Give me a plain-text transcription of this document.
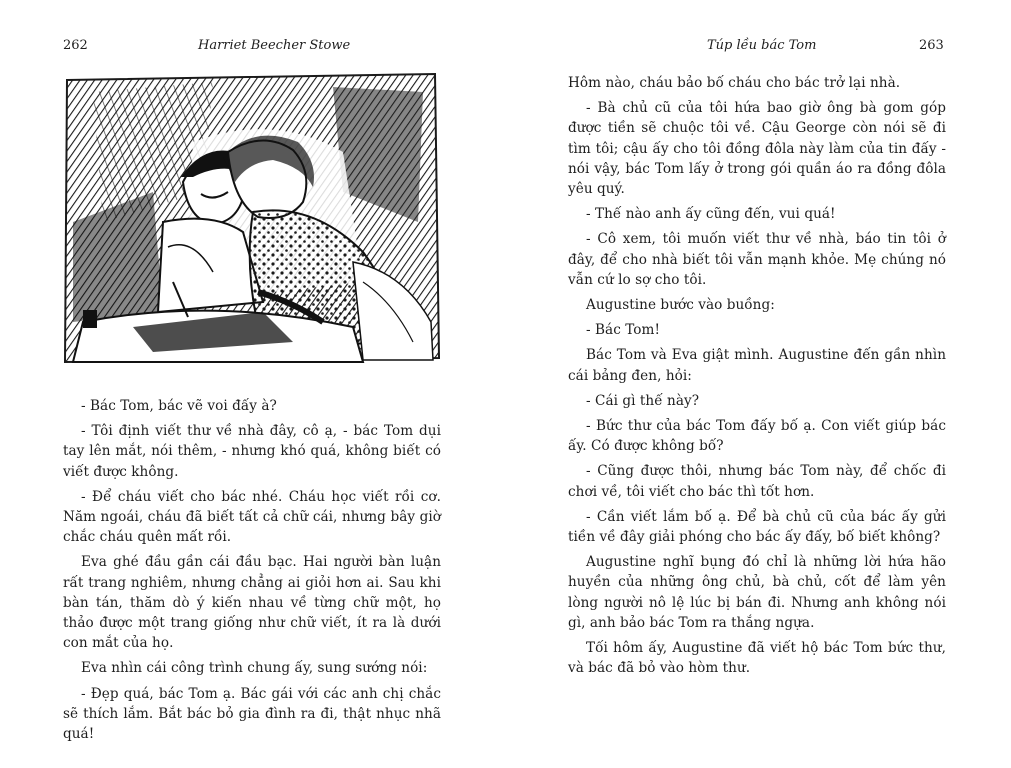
262	Harriet Beecher Stowe

- Bác Tom, bác vẽ voi đấy à?

- Tôi định viết thư về nhà đây, cô ạ, - bác Tom dụi tay lên mắt, nói thêm, - nhưng khó quá, không biết có viết được không.

- Để cháu viết cho bác nhé. Cháu học viết rồi cơ. Năm ngoái, cháu đã biết tất cả chữ cái, nhưng bây giờ chắc cháu quên mất rồi.

Eva ghé đầu gần cái đầu bạc. Hai người bàn luận rất trang nghiêm, nhưng chẳng ai giỏi hơn ai. Sau khi bàn tán, thăm dò ý kiến nhau về từng chữ một, họ thảo được một trang giống như chữ viết, ít ra là dưới con mắt của họ.

Eva nhìn cái công trình chung ấy, sung sướng nói:

- Đẹp quá, bác Tom ạ. Bác gái với các anh chị chắc sẽ thích lắm. Bắt bác bỏ gia đình ra đi, thật nhục nhã quá!

Túp lều bác Tom	263

Hôm nào, cháu bảo bố cháu cho bác trở lại nhà.

- Bà chủ cũ của tôi hứa bao giờ ông bà gom góp được tiền sẽ chuộc tôi về. Cậu George còn nói sẽ đi tìm tôi; cậu ấy cho tôi đồng đôla này làm của tin đấy - nói vậy, bác Tom lấy ở trong gói quần áo ra đồng đôla yêu quý.

- Thế nào anh ấy cũng đến, vui quá!

- Cô xem, tôi muốn viết thư về nhà, báo tin tôi ở đây, để cho nhà biết tôi vẫn mạnh khỏe. Mẹ chúng nó vẫn cứ lo sợ cho tôi.

Augustine bước vào buồng:

- Bác Tom!

Bác Tom và Eva giật mình. Augustine đến gần nhìn cái bảng đen, hỏi:

- Cái gì thế này?

- Bức thư của bác Tom đấy bố ạ. Con viết giúp bác ấy. Có được không bố?

- Cũng được thôi, nhưng bác Tom này, để chốc đi chơi về, tôi viết cho bác thì tốt hơn.

- Cần viết lắm bố ạ. Để bà chủ cũ của bác ấy gửi tiền về đây giải phóng cho bác ấy đấy, bố biết không?

Augustine nghĩ bụng đó chỉ là những lời hứa hão huyền của những ông chủ, bà chủ, cốt để làm yên lòng người nô lệ lúc bị bán đi. Nhưng anh không nói gì, anh bảo bác Tom ra thắng ngựa.

Tối hôm ấy, Augustine đã viết hộ bác Tom bức thư, và bác đã bỏ vào hòm thư.
